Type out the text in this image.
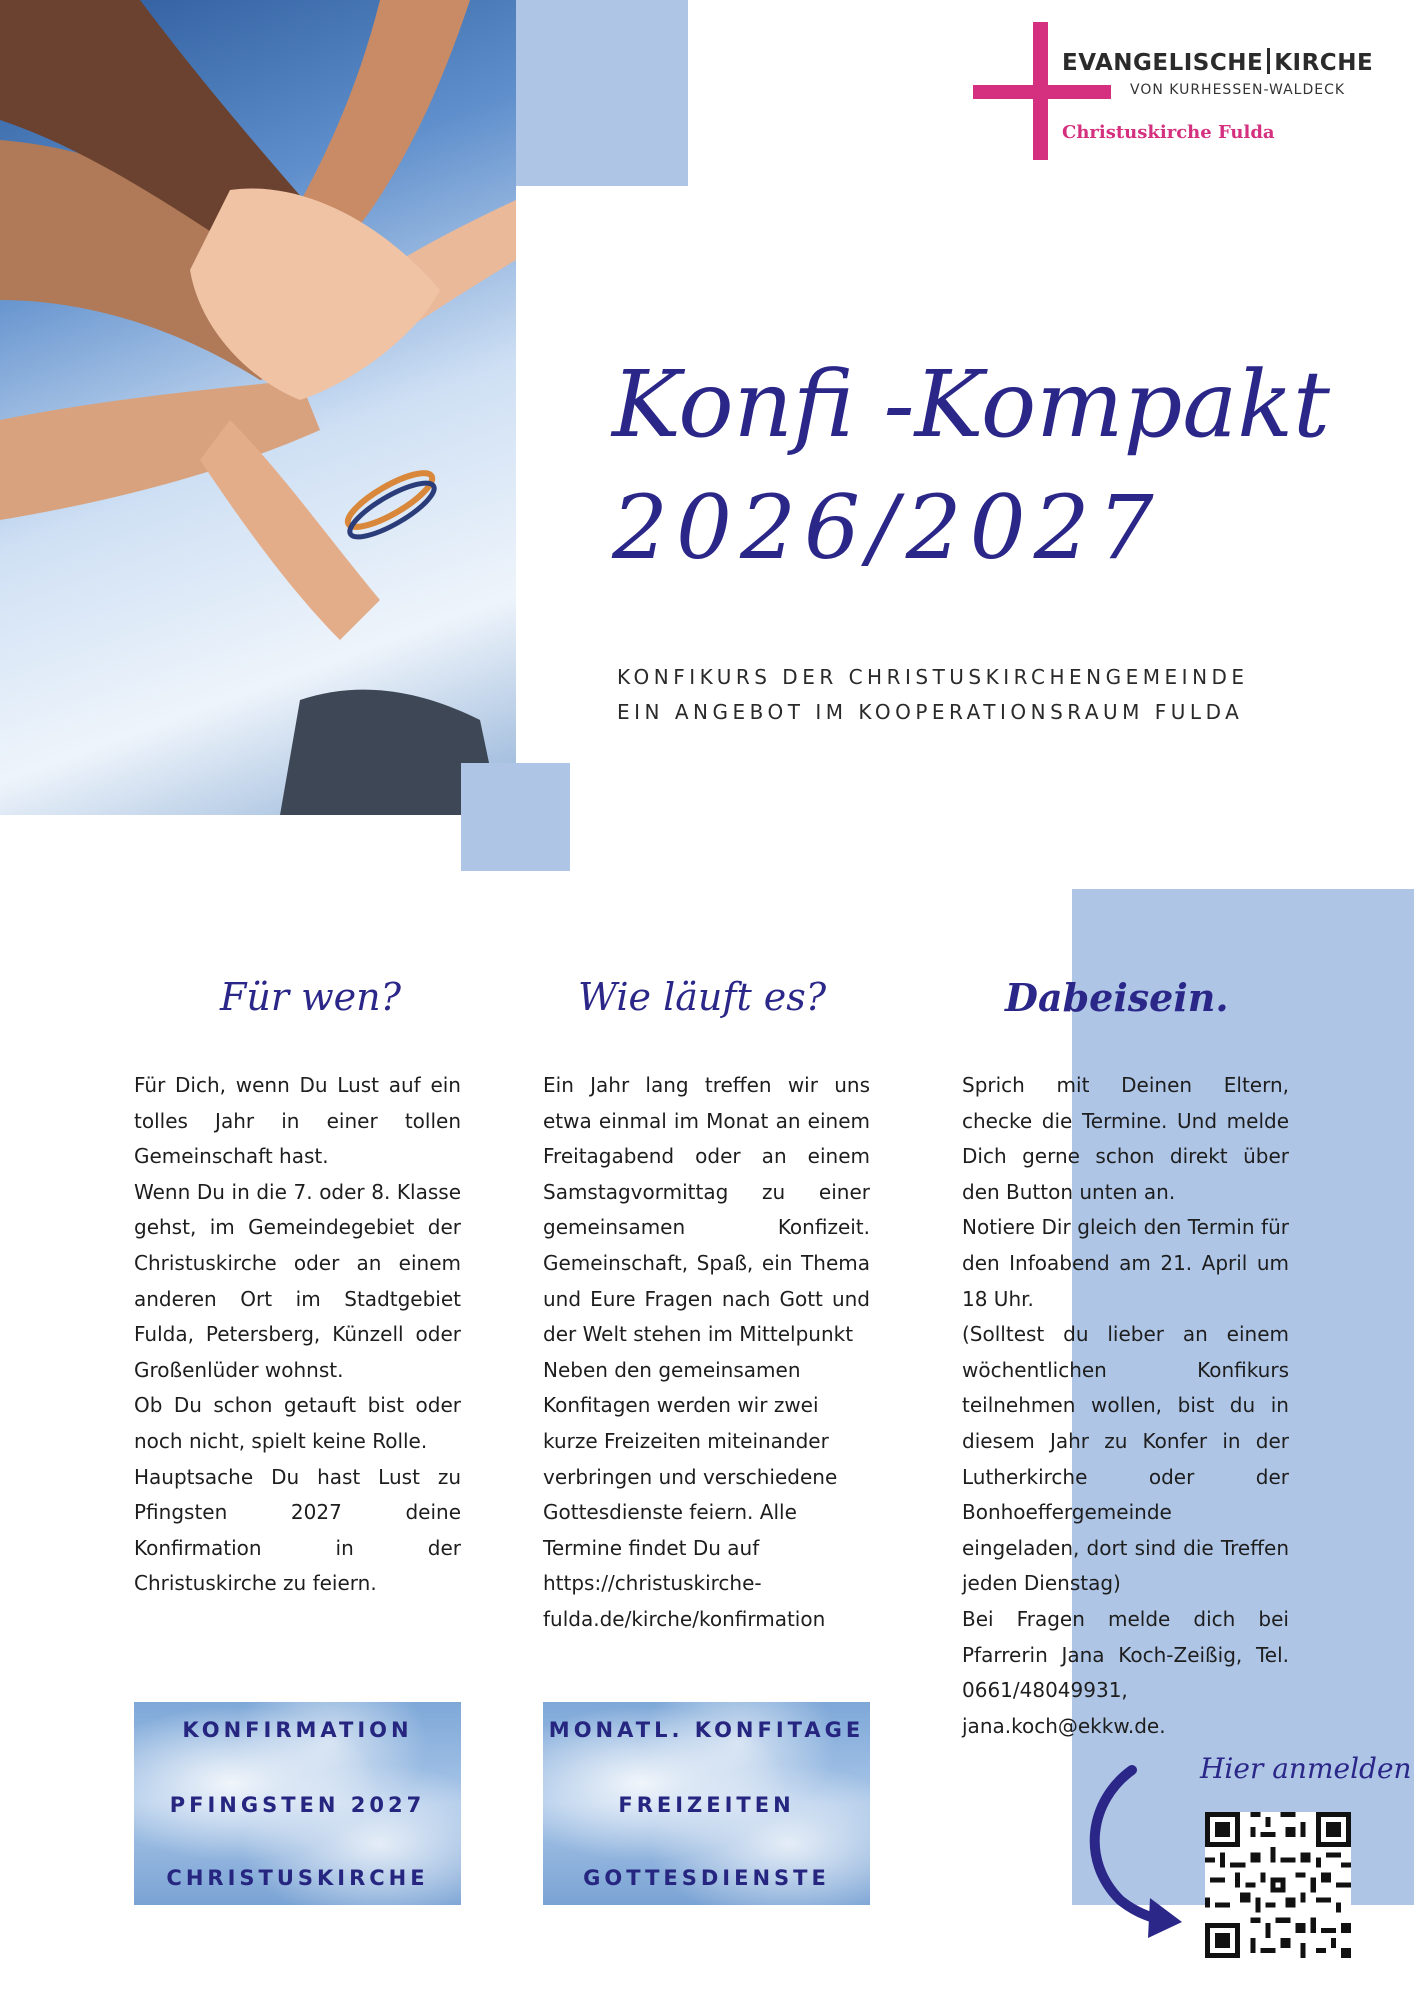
EVANGELISCHE KIRCHE
VON KURHESSEN-WALDECK
Christuskirche Fulda
Konfi -Kompakt
2026/2027
KONFIKURS DER CHRISTUSKIRCHENGEMEINDE
EIN ANGEBOT IM KOOPERATIONSRAUM FULDA
Für wen?	Wie läuft es?	Dabeisein.

Für Dich, wenn Du Lust auf ein tolles Jahr in einer tollen Gemeinschaft hast.

Wenn Du in die 7. oder 8. Klasse gehst, im Gemeindegebiet der Christuskirche oder an einem anderen Ort im Stadtgebiet Fulda, Petersberg, Künzell oder Großenlüder wohnst.

Ob Du schon getauft bist oder noch nicht, spielt keine Rolle.

Hauptsache Du hast Lust zu Pfingsten 2027 deine Konfirmation in der Christuskirche zu feiern.

Ein Jahr lang treffen wir uns etwa einmal im Monat an einem Freitagabend oder an einem Samstagvormittag zu einer gemeinsamen Konfizeit. Gemeinschaft, Spaß, ein Thema und Eure Fragen nach Gott und der Welt stehen im Mittelpunkt

Neben den gemeinsamen Konfitagen werden wir zwei kurze Freizeiten miteinander verbringen und verschiedene Gottesdienste feiern. Alle Termine findet Du auf https://christuskirche-fulda.de/kirche/konfirmation

Sprich mit Deinen Eltern, checke die Termine. Und melde Dich gerne schon direkt über den Button unten an.

Notiere Dir gleich den Termin für den Infoabend am 21. April um 18 Uhr.

(Solltest du lieber an einem wöchentlichen Konfikurs teilnehmen wollen, bist du in diesem Jahr zu Konfer in der Lutherkirche oder der Bonhoeffergemeinde eingeladen, dort sind die Treffen jeden Dienstag)

Bei Fragen melde dich bei Pfarrerin Jana Koch-Zeißig, Tel. 0661/48049931, jana.koch@ekkw.de.

KONFIRMATION
PFINGSTEN 2027
CHRISTUSKIRCHE
MONATL. KONFITAGE
FREIZEITEN
GOTTESDIENSTE
Hier anmelden
